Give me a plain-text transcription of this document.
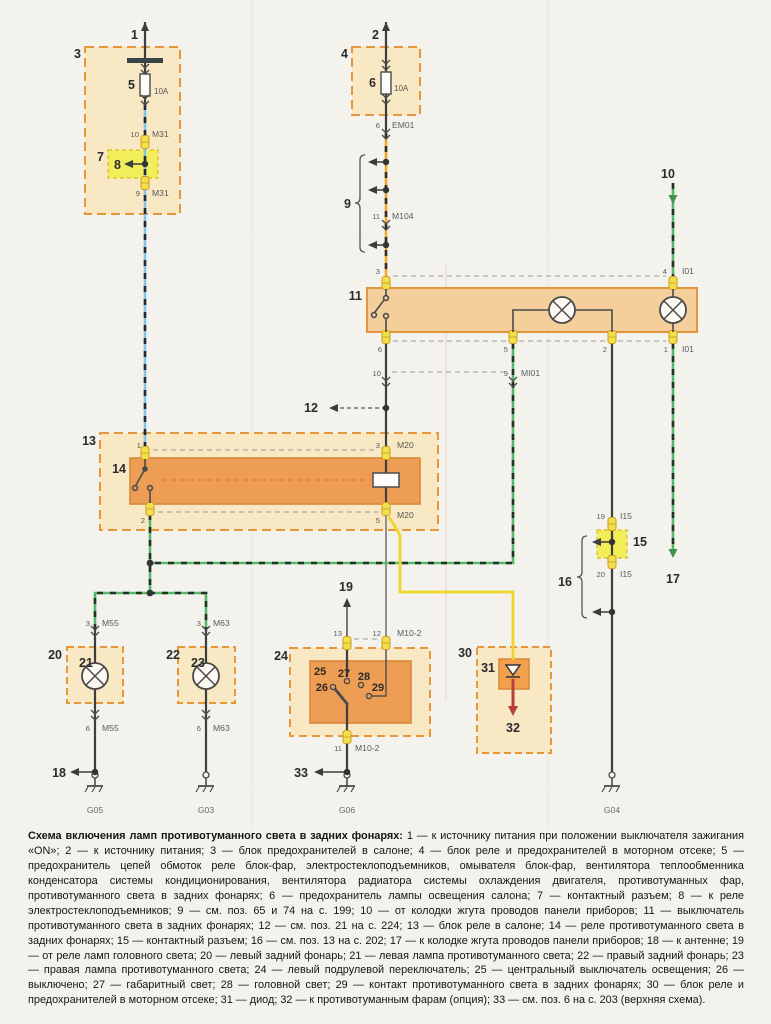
1	2
3	4
5	6
7
8
9
10
11
12
13
14
15
16	17
18
19
20
21
22
23	24
25
26
27 28
29
30
31
32
33
10 M31
9 M31
6 EM01
11 M104
3	4 I01
6	5	2	1 I01
10	9 MI01
1	3 M20
2	5
M20
3 M55
6 M55
3 M63
6 M63
13	12 M10-2
11 M10-2
19 I15
20 I15
10A	10A
G05	G03	G06	G04
Схема включения ламп противотуманного света в задних фонарях: 1 — к источнику питания при положении выключателя зажигания «ON»; 2 — к источнику питания; 3 — блок предохранителей в салоне; 4 — блок реле и предохранителей в моторном отсеке; 5 — предохранитель цепей обмоток реле блок-фар, электростеклоподъемников, омывателя блок-фар, вентилятора теплообменника конденсатора системы кондиционирования, вентилятора радиатора системы охлаждения двигателя, противотуманных фар, противотуманного света в задних фонарях; 6 — предохранитель лампы освещения салона; 7 — контактный разъем; 8 — к реле электростеклоподъемников; 9 — см. поз. 65 и 74 на с. 199; 10 — от колодки жгута проводов панели приборов; 11 — выключатель противотуманного света в задних фонарях; 12 — см. поз. 21 на с. 224; 13 — блок реле в салоне; 14 — реле противотуманного света в задних фонарях; 15 — контактный разъем; 16 — см. поз. 13 на с. 202; 17 — к колодке жгута проводов панели приборов; 18 — к антенне; 19 — от реле ламп головного света; 20 — левый задний фонарь; 21 — левая лампа противотуманного света; 22 — правый задний фонарь; 23 — правая лампа противотуманного света; 24 — левый подрулевой переключатель; 25 — центральный выключатель освещения; 26 — выключено; 27 — габаритный свет; 28 — головной свет; 29 — контакт противотуманного света в задних фонарях; 30 — блок реле и предохранителей в моторном отсеке; 31 — диод; 32 — к противотуманным фарам (опция); 33 — см. поз. 6 на с. 203 (верхняя схема).
